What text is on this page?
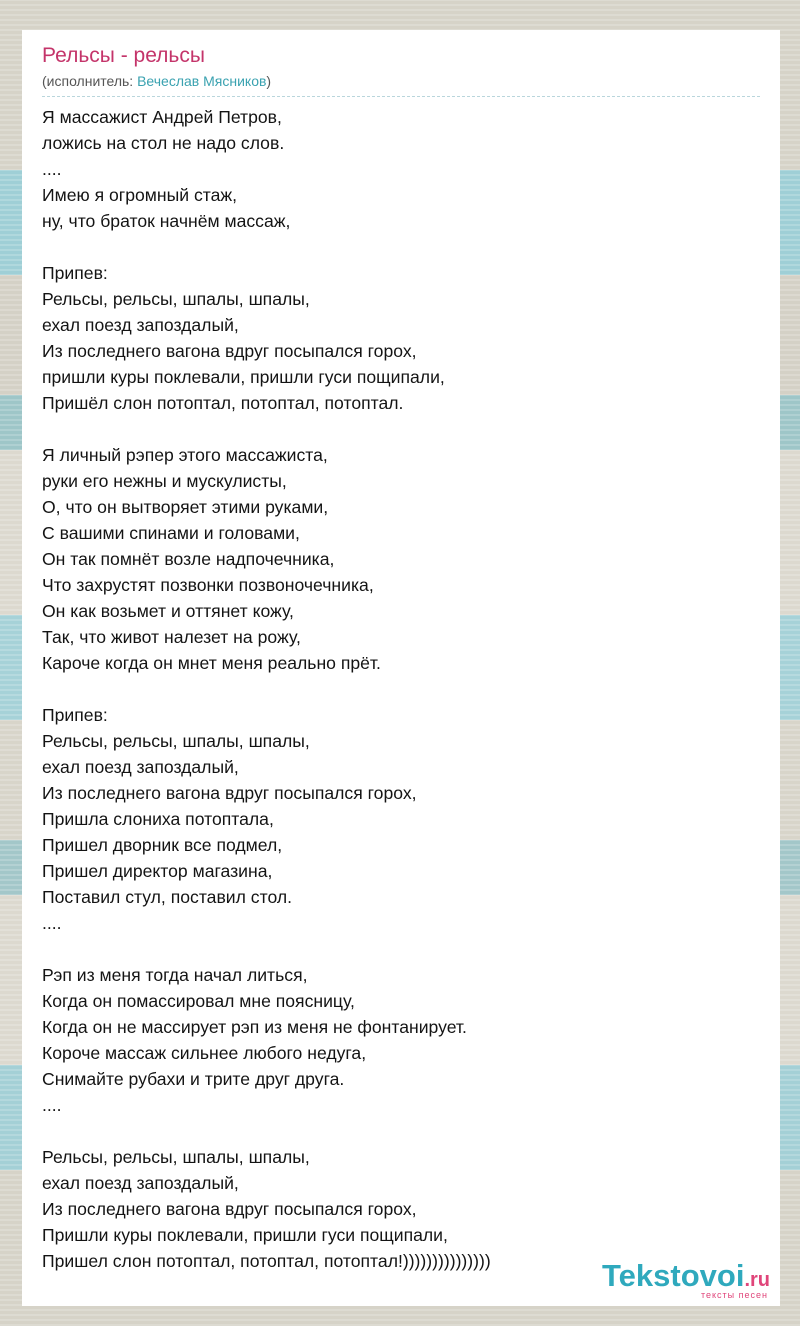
Рельсы - рельсы
(исполнитель: Вечеслав Мясников)
Я массажист Андрей Петров,
ложись на стол не надо слов.
....
Имею я огромный стаж,
ну, что браток начнём массаж,
Припев:
Рельсы, рельсы, шпалы, шпалы,
ехал поезд запоздалый,
Из последнего вагона вдруг посыпался горох,
пришли куры поклевали, пришли гуси пощипали,
Пришёл слон потоптал, потоптал, потоптал.
Я личный рэпер этого массажиста,
руки его нежны и мускулисты,
О, что он вытворяет этими руками,
С вашими спинами и головами,
Он так помнёт возле надпочечника,
Что захрустят позвонки позвоночечника,
Он как возьмет и оттянет кожу,
Так, что живот налезет на рожу,
Кароче когда он мнет меня реально прёт.
Припев:
Рельсы, рельсы, шпалы, шпалы,
ехал поезд запоздалый,
Из последнего вагона вдруг посыпался горох,
Пришла слониха потоптала,
Пришел дворник все подмел,
Пришел директор магазина,
Поставил стул, поставил стол.
....
Рэп из меня тогда начал литься,
Когда он помассировал мне поясницу,
Когда он не массирует рэп из меня не фонтанирует.
Короче массаж сильнее любого недуга,
Снимайте рубахи и трите друг друга.
....
Рельсы, рельсы, шпалы, шпалы,
ехал поезд запоздалый,
Из последнего вагона вдруг посыпался горох,
Пришли куры поклевали, пришли гуси пощипали,
Пришел слон потоптал, потоптал, потоптал!)))))))))))))))	Tekstovoi.ru
тексты песен
